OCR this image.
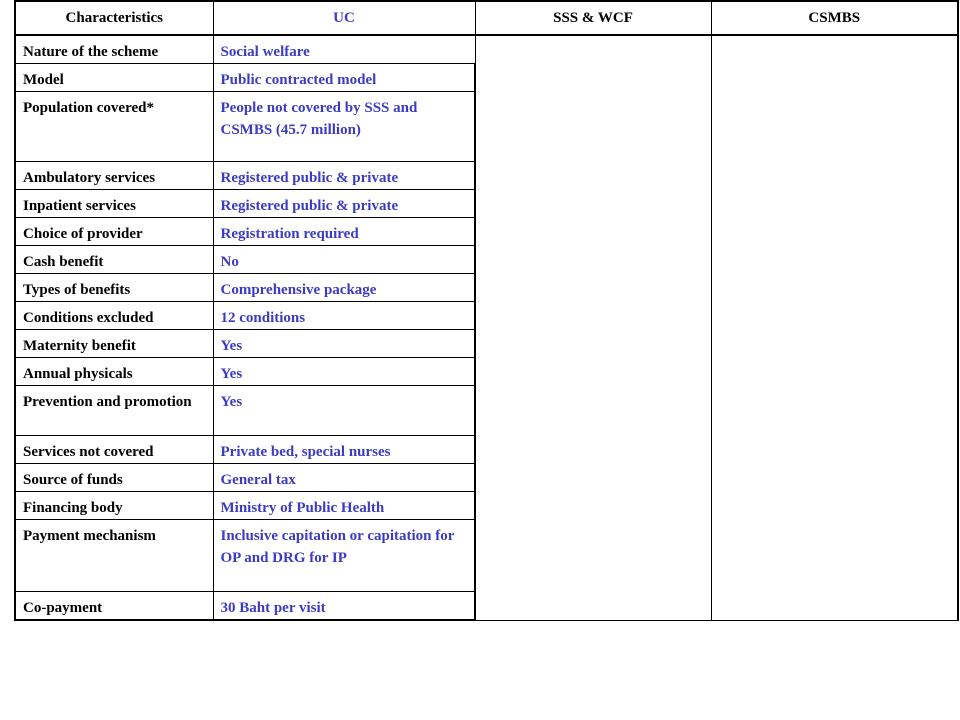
Characteristics	UC	SSS & WCF	CSMBS
Nature of the scheme	Social welfare		
Model	Public contracted model		
Population covered*	People not covered by SSS and CSMBS (45.7 million)		
Ambulatory services	Registered public & private		
Inpatient services	Registered public & private		
Choice of provider	Registration required		
Cash benefit	No		
Types of benefits	Comprehensive package		
Conditions excluded	12 conditions		
Maternity benefit	Yes		
Annual physicals	Yes		
Prevention and promotion	Yes		
Services not covered	Private bed, special nurses		
Source of funds	General tax		
Financing body	Ministry of Public Health		
Payment mechanism	Inclusive capitation or capitation for OP and DRG for IP		
Co-payment	30 Baht per visit		
